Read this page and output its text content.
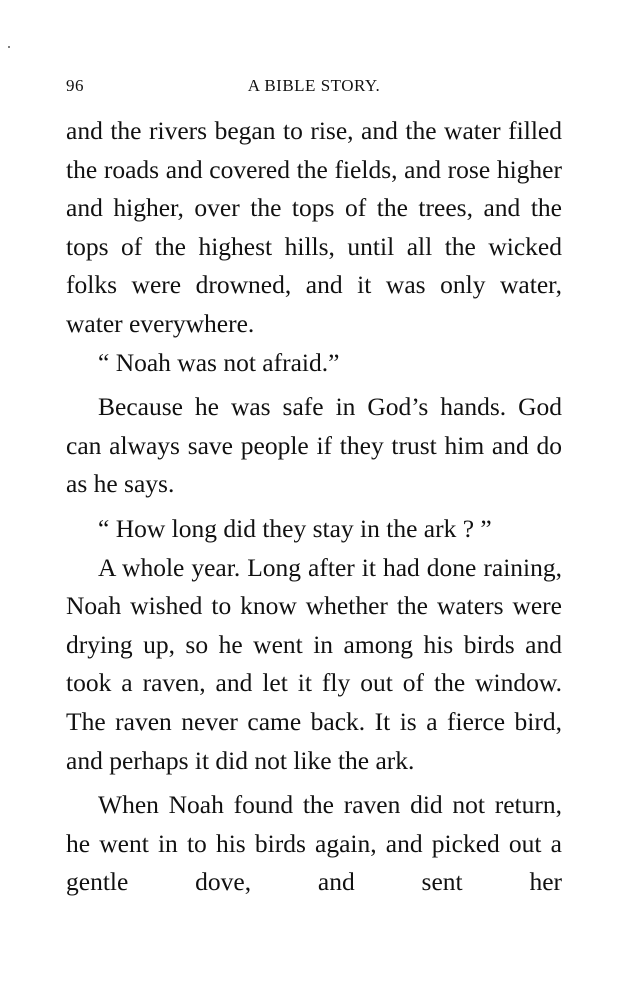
96	A BIBLE STORY.

and the rivers began to rise, and the water filled the roads and covered the fields, and rose higher and higher, over the tops of the trees, and the tops of the highest hills, until all the wicked folks were drowned, and it was only water, water everywhere.

“ Noah was not afraid.”

Because he was safe in God’s hands. God can always save people if they trust him and do as he says.

“ How long did they stay in the ark ? ”

A whole year. Long after it had done raining, Noah wished to know whether the waters were drying up, so he went in among his birds and took a raven, and let it fly out of the window. The raven never came back. It is a fierce bird, and perhaps it did not like the ark.

When Noah found the raven did not return, he went in to his birds again, and picked out a gentle dove, and sent her
